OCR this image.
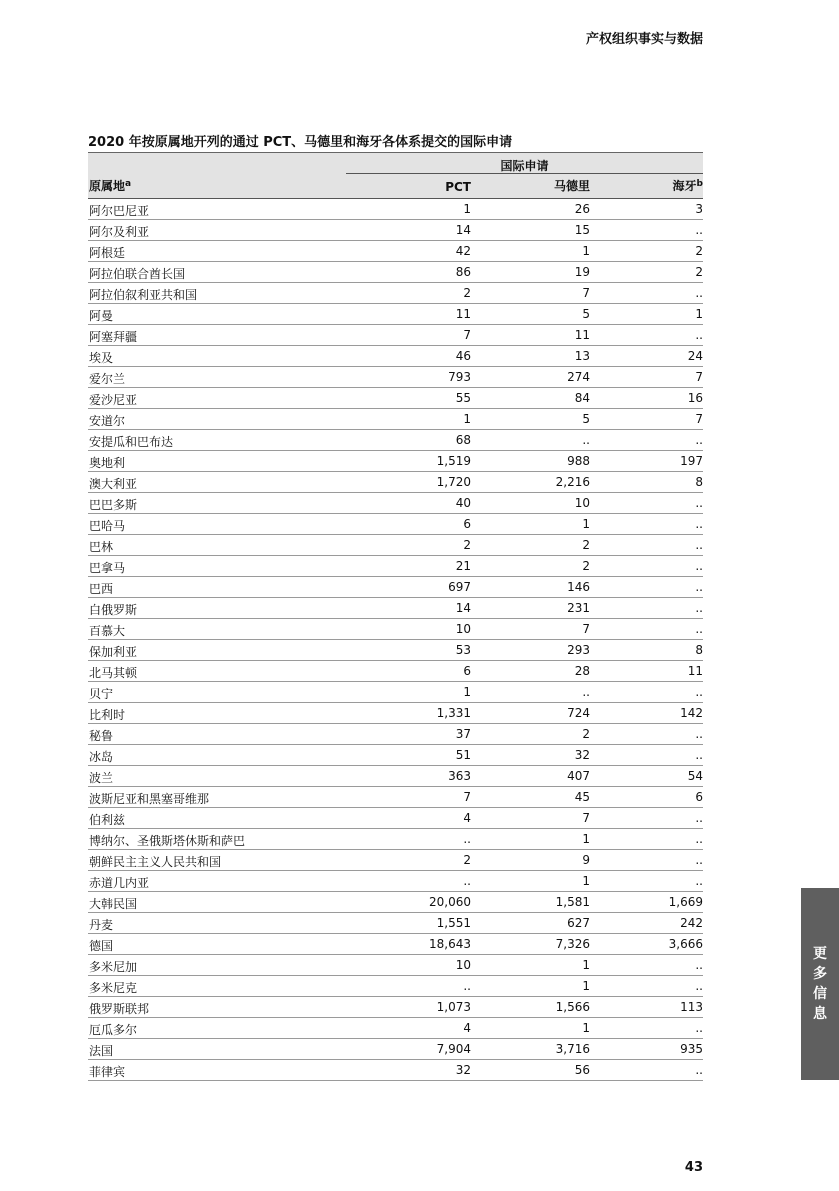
产权组织事实与数据
2020 年按原属地开列的通过 PCT、马德里和海牙各体系提交的国际申请
国际申请
原属地$^a$	PCT	马德里	海牙$^b$
阿尔巴尼亚	1	26	3
阿尔及利亚	14	15	..
阿根廷	42	1	2
阿拉伯联合酋长国	86	19	2
阿拉伯叙利亚共和国	2	7	..
阿曼	11	5	1
阿塞拜疆	7	11	..
埃及	46	13	24
爱尔兰	793	274	7
爱沙尼亚	55	84	16
安道尔	1	5	7
安提瓜和巴布达	68	..	..
奥地利	1,519	988	197
澳大利亚	1,720	2,216	8
巴巴多斯	40	10	..
巴哈马	6	1	..
巴林	2	2	..
巴拿马	21	2	..
巴西	697	146	..
白俄罗斯	14	231	..
百慕大	10	7	..
保加利亚	53	293	8
北马其顿	6	28	11
贝宁	1	..	..
比利时	1,331	724	142
秘鲁	37	2	..
冰岛	51	32	..
波兰	363	407	54
波斯尼亚和黑塞哥维那	7	45	6
伯利兹	4	7	..
博纳尔、圣俄斯塔休斯和萨巴	..	1	..
朝鲜民主主义人民共和国	2	9	..
赤道几内亚	..	1	..
大韩民国	20,060	1,581	1,669
丹麦	1,551	627	242
德国	18,643	7,326	3,666
多米尼加	10	1	..
多米尼克	..	1	..
俄罗斯联邦	1,073	1,566	113
厄瓜多尔	4	1	..
法国	7,904	3,716	935
菲律宾	32	56	..
更多信息
43
